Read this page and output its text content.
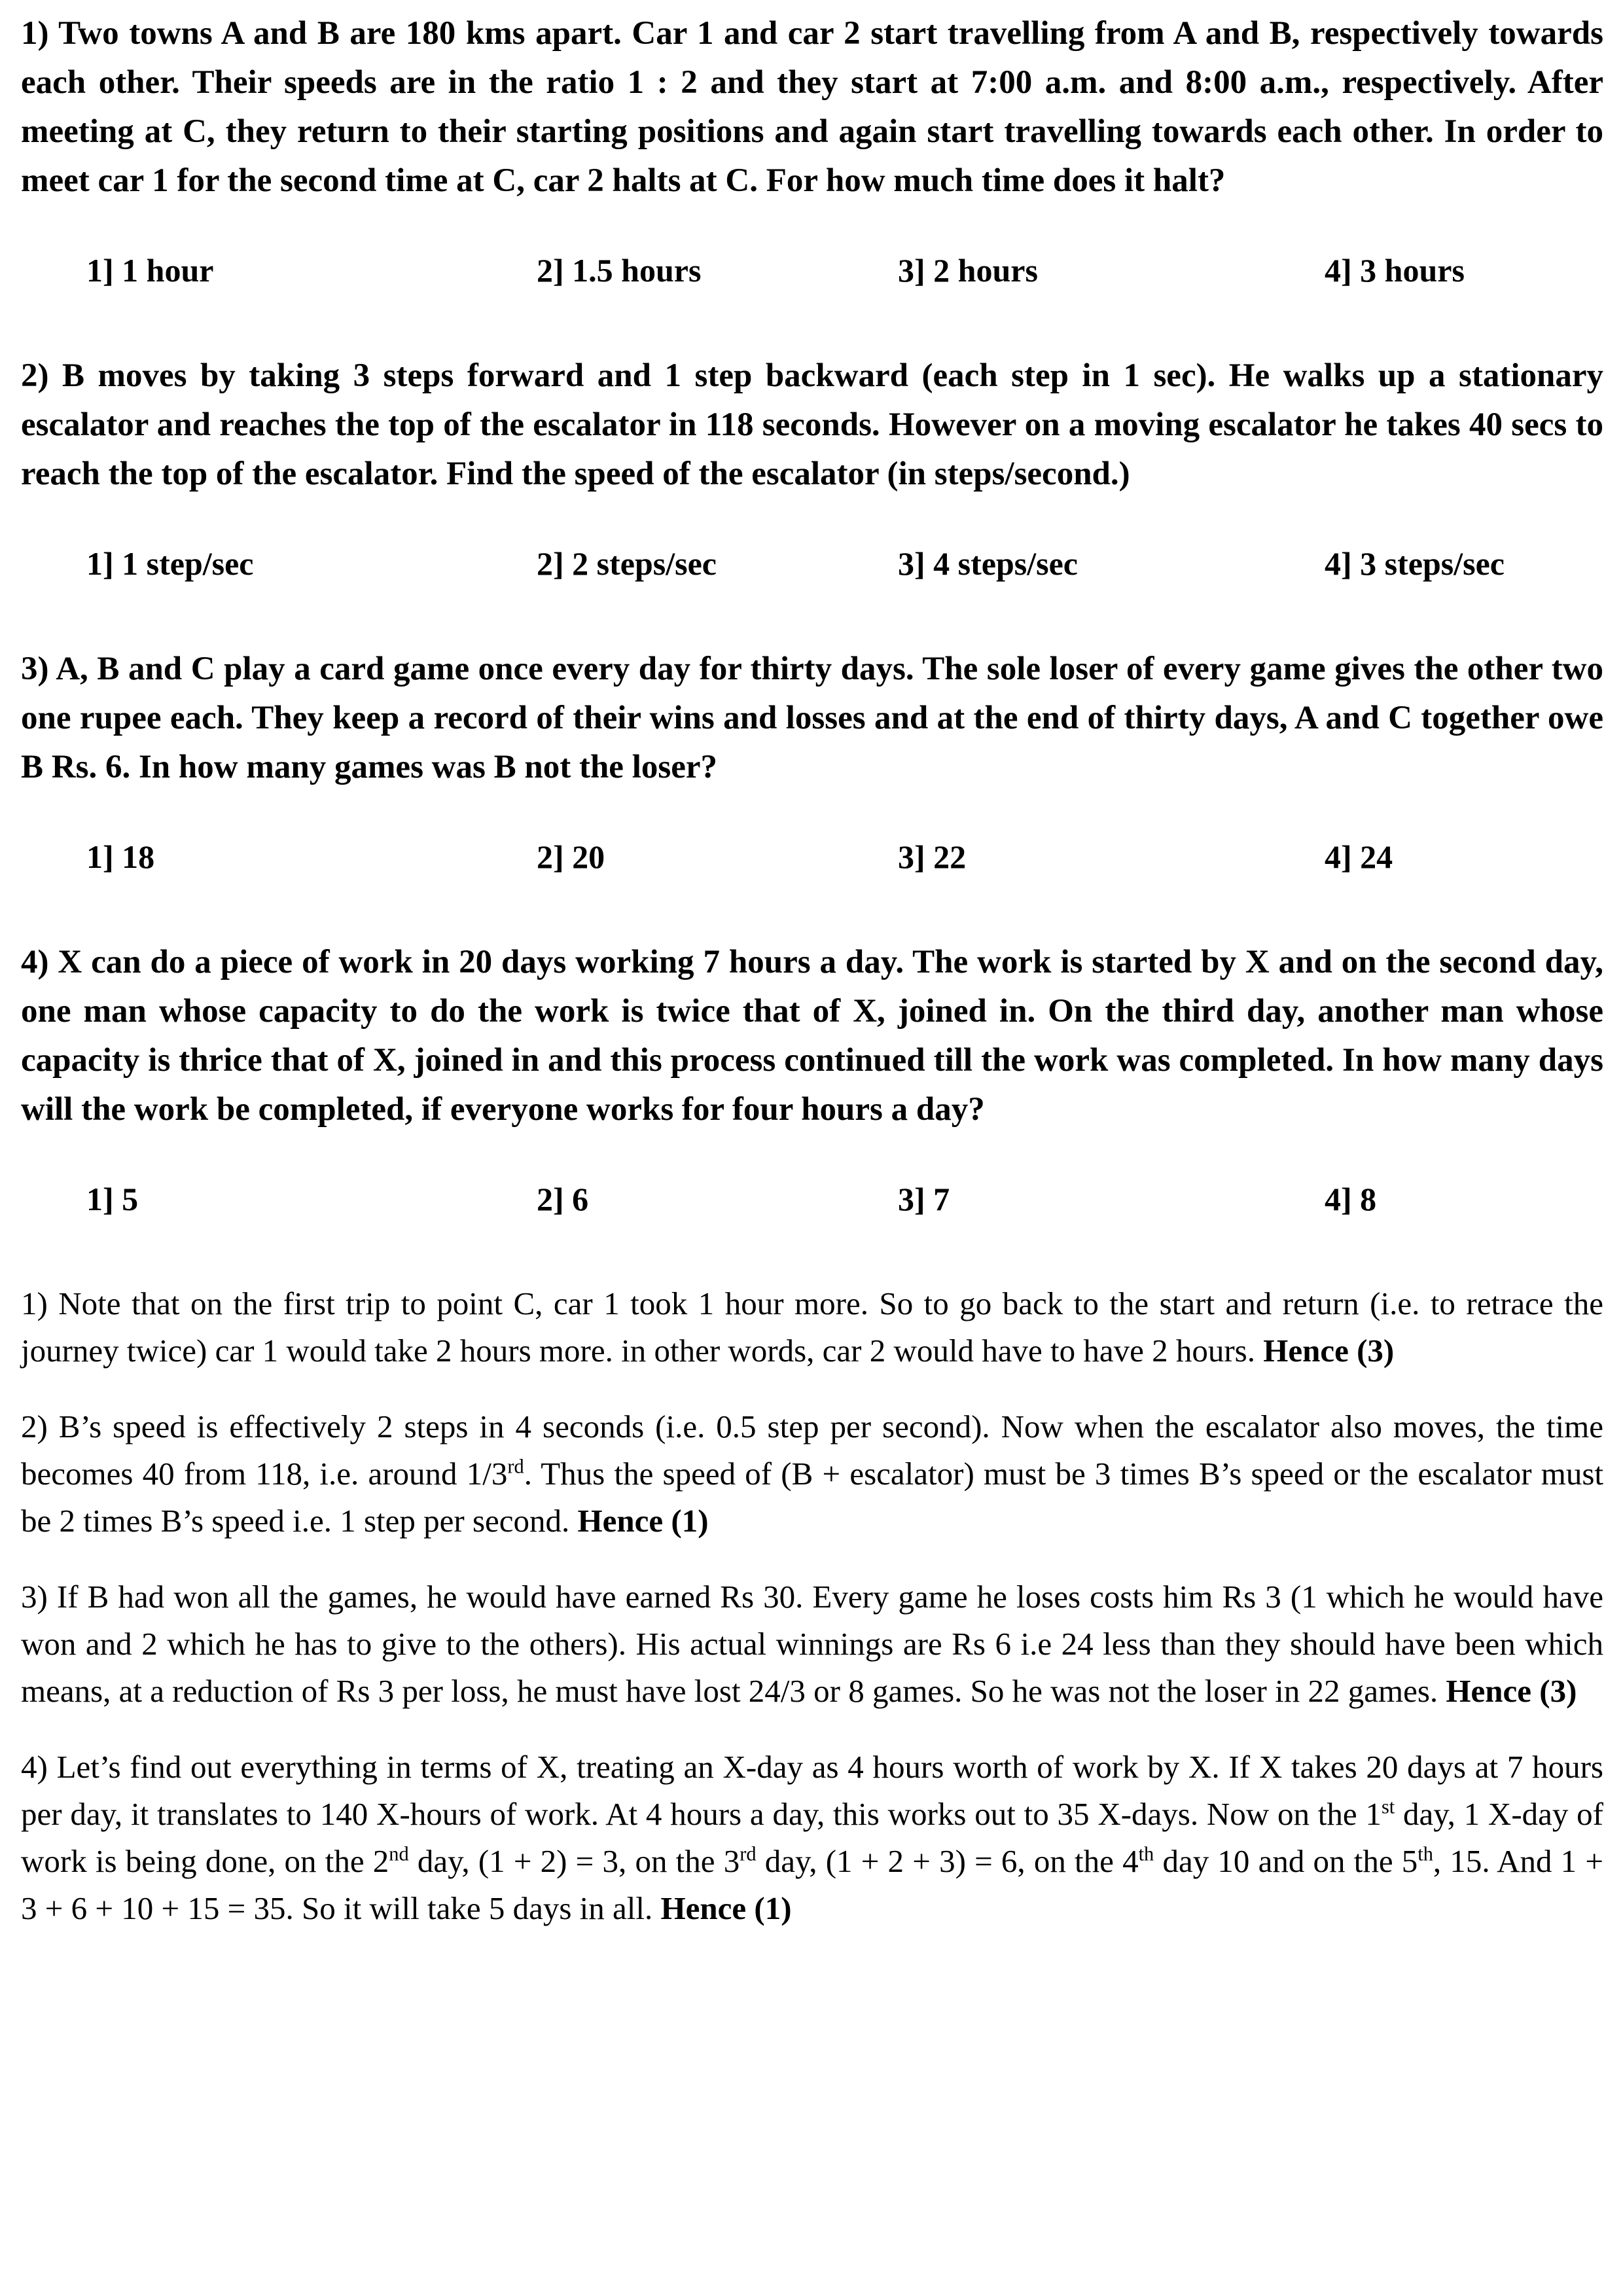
1) Two towns A and B are 180 kms apart. Car 1 and car 2 start travelling from A and B, respectively towards each other. Their speeds are in the ratio 1 : 2 and they start at 7:00 a.m. and 8:00 a.m., respectively. After meeting at C, they return to their starting positions and again start travelling towards each other. In order to meet car 1 for the second time at C, car 2 halts at C. For how much time does it halt?

1] 1 hour	2] 1.5 hours	3] 2 hours	4] 3 hours

2) B moves by taking 3 steps forward and 1 step backward (each step in 1 sec). He walks up a stationary escalator and reaches the top of the escalator in 118 seconds. However on a moving escalator he takes 40 secs to reach the top of the escalator. Find the speed of the escalator (in steps/second.)

1] 1 step/sec	2] 2 steps/sec	3] 4 steps/sec	4] 3 steps/sec

3) A, B and C play a card game once every day for thirty days. The sole loser of every game gives the other two one rupee each. They keep a record of their wins and losses and at the end of thirty days, A and C together owe B Rs. 6. In how many games was B not the loser?

1] 18	2] 20	3] 22	4] 24

4) X can do a piece of work in 20 days working 7 hours a day. The work is started by X and on the second day, one man whose capacity to do the work is twice that of X, joined in. On the third day, another man whose capacity is thrice that of X, joined in and this process continued till the work was completed. In how many days will the work be completed, if everyone works for four hours a day?

1] 5	2] 6	3] 7	4] 8

1) Note that on the first trip to point C, car 1 took 1 hour more. So to go back to the start and return (i.e. to retrace the journey twice) car 1 would take 2 hours more. in other words, car 2 would have to have 2 hours. Hence (3)

2) B’s speed is effectively 2 steps in 4 seconds (i.e. 0.5 step per second). Now when the escalator also moves, the time becomes 40 from 118, i.e. around 1/3rd. Thus the speed of (B + escalator) must be 3 times B’s speed or the escalator must be 2 times B’s speed i.e. 1 step per second. Hence (1)

3) If B had won all the games, he would have earned Rs 30. Every game he loses costs him Rs 3 (1 which he would have won and 2 which he has to give to the others). His actual winnings are Rs 6 i.e 24 less than they should have been which means, at a reduction of Rs 3 per loss, he must have lost 24/3 or 8 games. So he was not the loser in 22 games. Hence (3)

4) Let’s find out everything in terms of X, treating an X-day as 4 hours worth of work by X. If X takes 20 days at 7 hours per day, it translates to 140 X-hours of work. At 4 hours a day, this works out to 35 X-days. Now on the 1st day, 1 X-day of work is being done, on the 2nd day, (1 + 2) = 3, on the 3rd day, (1 + 2 + 3) = 6, on the 4th day 10 and on the 5th, 15. And 1 + 3 + 6 + 10 + 15 = 35. So it will take 5 days in all. Hence (1)
